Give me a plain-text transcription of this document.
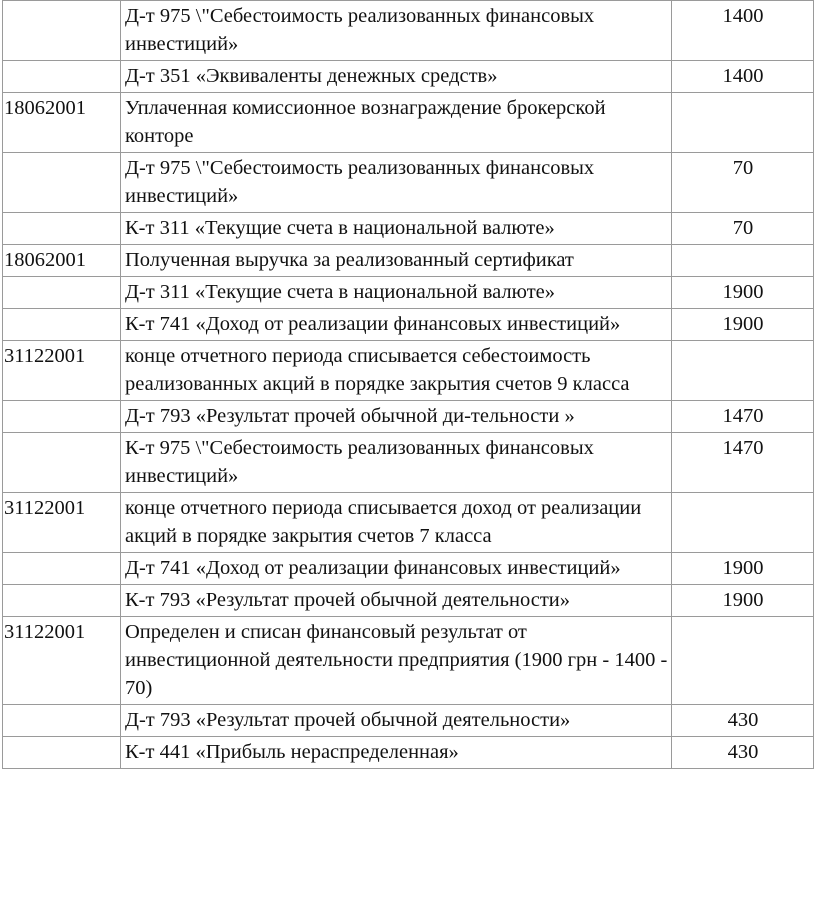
	Д-т 975 \"Себестоимость реализованных финансовых инвестиций»	1400
	Д-т 351 «Эквиваленты денежных средств»	1400
18062001	Уплаченная комиссионное вознаграждение брокерской конторе	
	Д-т 975 \"Себестоимость реализованных финансовых инвестиций»	70
	К-т 311 «Текущие счета в национальной валюте»	70
18062001	Полученная выручка за реализованный сертификат	
	Д-т 311 «Текущие счета в национальной валюте»	1900
	К-т 741 «Доход от реализации финансовых инвестиций»	1900
31122001	конце отчетного периода списывается себестоимость реализованных акций в порядке закрытия счетов 9 класса	
	Д-т 793 «Результат прочей обычной ди-тельности »	1470
	К-т 975 \"Себестоимость реализованных финансовых инвестиций»	1470
31122001	конце отчетного периода списывается доход от реализации акций в порядке закрытия счетов 7 класса	
	Д-т 741 «Доход от реализации финансовых инвестиций»	1900
	К-т 793 «Результат прочей обычной деятельности»	1900
31122001	Определен и списан финансовый результат от инвестиционной деятельности предприятия (1900 грн - 1400 - 70)	
	Д-т 793 «Результат прочей обычной деятельности»	430
	К-т 441 «Прибыль нераспределенная»	430
